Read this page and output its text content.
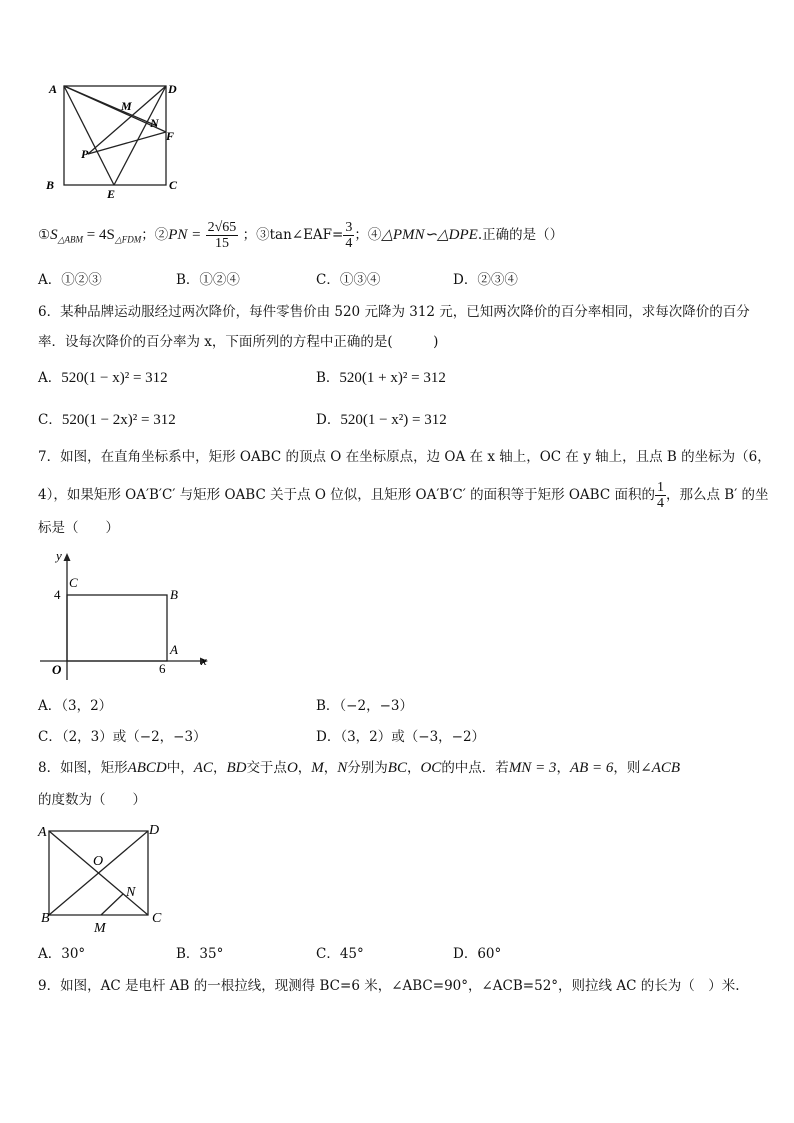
A	D
B	C
M
N
P
E
F
$①S_{\triangle ABM} = 4S_{\triangle FDM}$；②PN = $\frac{2√65}{15}$ ；③tan∠EAF= $\frac{3}{4}$ ；④△PMN∽△DPE.正确的是（）
A．①②③	B．①②④	C．①③④	D．②③④
6．某种品牌运动服经过两次降价，每件零售价由 520 元降为 312 元，已知两次降价的百分率相同，求每次降价的百分
率．设每次降价的百分率为 x，下面所列的方程中正确的是(　　　)
A．520(1 − x)² = 312	B．520(1 + x)² = 312
C．520(1 − 2x)² = 312	D．520(1 − x²) = 312
7．如图，在直角坐标系中，矩形 OABC 的顶点 O 在坐标原点，边 OA 在 x 轴上，OC 在 y 轴上，且点 B 的坐标为（6，
4），如果矩形 OA′B′C′ 与矩形 OABC 关于点 O 位似，且矩形 OA′B′C′ 的面积等于矩形 OABC 面积的 $\frac{1}{4}$ ，那么点 B′ 的坐
标是（　　）
y
x
C
4	B
A
O	6
A．（3，2）	B．（−2，−3）
C．（2，3）或（−2，−3）	D．（3，2）或（−3，−2）
8．如图，矩形ABCD中，AC，BD交于点O，M，N分别为BC，OC的中点．若MN = 3，AB = 6，则∠ACB
的度数为（　　）
A	D
O
N
B
M
C
A．30°	B．35°	C．45°	D．60°
9．如图，AC 是电杆 AB 的一根拉线，现测得 BC=6 米，∠ABC=90°，∠ACB=52°，则拉线 AC 的长为（　）米.
